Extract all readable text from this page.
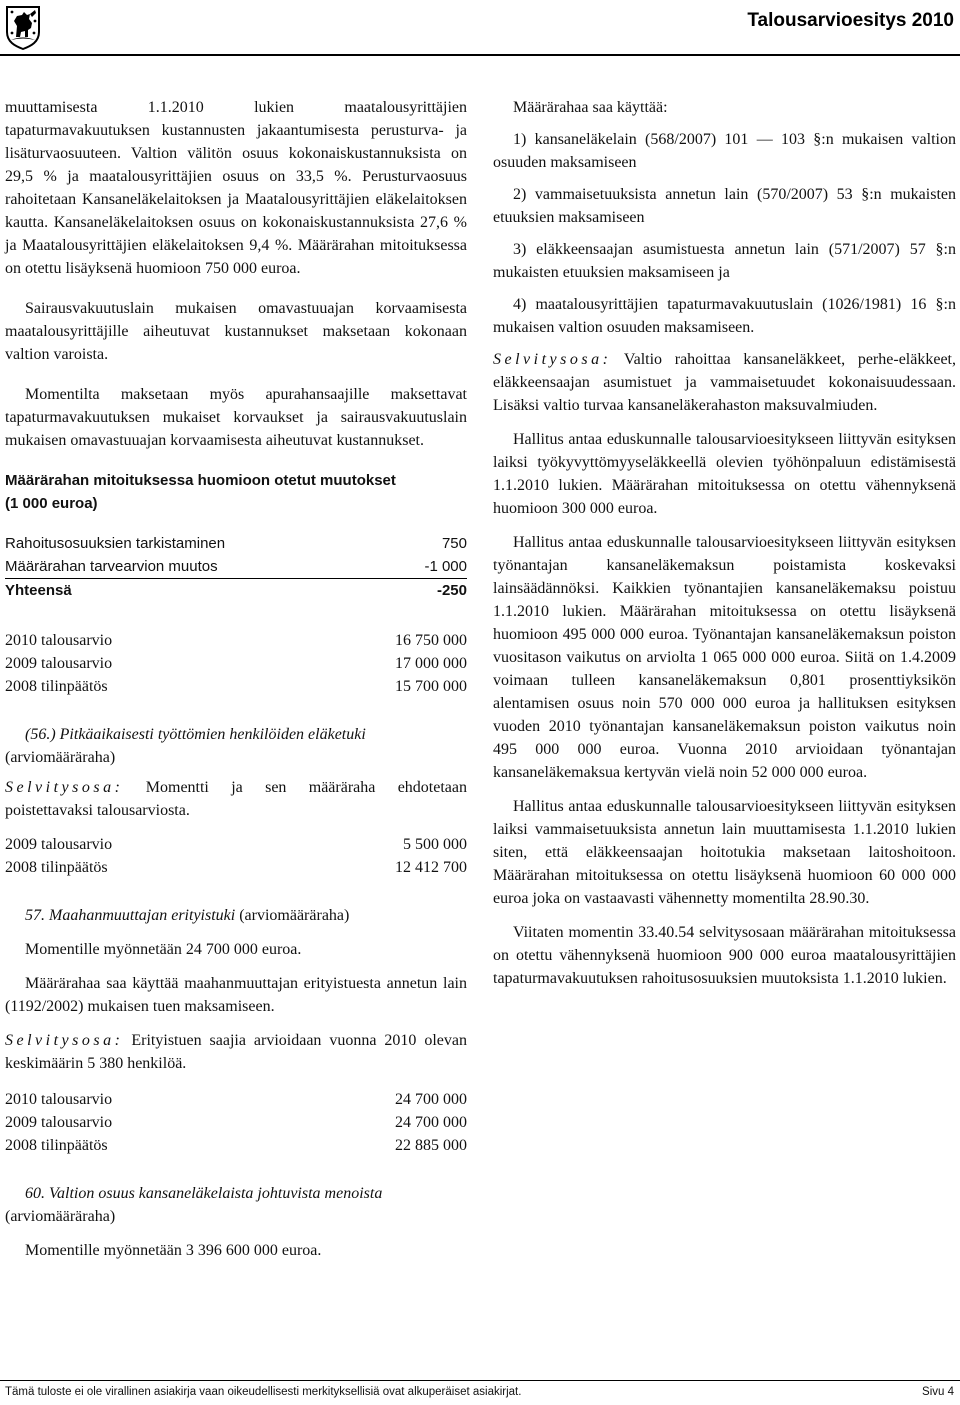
Talousarvioesitys 2010

muuttamisesta 1.1.2010 lukien maatalousyrittäjien tapaturmavakuutuksen kustannusten jakaantumisesta perusturva- ja lisäturvaosuuteen. Valtion välitön osuus kokonaiskustannuksista on 29,5 % ja maatalousyrittäjien osuus on 33,5 %. Perusturvaosuus rahoitetaan Kansaneläkelaitoksen ja Maatalousyrittäjien eläkelaitoksen kautta. Kansaneläkelaitoksen osuus on kokonaiskustannuksista 27,6 % ja Maatalousyrittäjien eläkelaitoksen 9,4 %. Määrärahan mitoituksessa on otettu lisäyksenä huomioon 750 000 euroa.

Sairausvakuutuslain mukaisen omavastuuajan korvaamisesta maatalousyrittäjille aiheutuvat kustannukset maksetaan kokonaan valtion varoista.

Momentilta maksetaan myös apurahansaajille maksettavat tapaturmavakuutuksen mukaiset korvaukset ja sairausvakuutuslain mukaisen omavastuuajan korvaamisesta aiheutuvat kustannukset.

Määrärahan mitoituksessa huomioon otetut muutokset
(1 000 euroa)
Rahoitusosuuksien tarkistaminen	750
Määrärahan tarvearvion muutos	-1 000
Yhteensä	-250
2010 talousarvio	16 750 000
2009 talousarvio	17 000 000
2008 tilinpäätös	15 700 000

(56.) Pitkäaikaisesti työttömien henkilöiden eläketuki
(arviomääräraha)

Selvitysosa: Momentti ja sen määräraha ehdotetaan poistettavaksi talousarviosta.

2009 talousarvio	5 500 000
2008 tilinpäätös	12 412 700

57. Maahanmuuttajan erityistuki (arviomääräraha)

Momentille myönnetään 24 700 000 euroa.

Määrärahaa saa käyttää maahanmuuttajan erityistuesta annetun lain (1192/2002) mukaisen tuen maksamiseen.

Selvitysosa: Erityistuen saajia arvioidaan vuonna 2010 olevan keskimäärin 5 380 henkilöä.

2010 talousarvio	24 700 000
2009 talousarvio	24 700 000
2008 tilinpäätös	22 885 000

60. Valtion osuus kansaneläkelaista johtuvista menoista (arviomääräraha)

Momentille myönnetään 3 396 600 000 euroa.

Määrärahaa saa käyttää:

1) kansaneläkelain (568/2007) 101 — 103 §:n mukaisen valtion osuuden maksamiseen

2) vammaisetuuksista annetun lain (570/2007) 53 §:n mukaisten etuuksien maksamiseen

3) eläkkeensaajan asumistuesta annetun lain (571/2007) 57 §:n mukaisten etuuksien maksamiseen ja

4) maatalousyrittäjien tapaturmavakuutuslain (1026/1981) 16 §:n mukaisen valtion osuuden maksamiseen.

Selvitysosa: Valtio rahoittaa kansaneläkkeet, perhe-eläkkeet, eläkkeensaajan asumistuet ja vammaisetuudet kokonaisuudessaan. Lisäksi valtio turvaa kansaneläkerahaston maksuvalmiuden.

Hallitus antaa eduskunnalle talousarvioesitykseen liittyvän esityksen laiksi työkyvyttömyyseläkkeellä olevien työhönpaluun edistämisestä 1.1.2010 lukien. Määrärahan mitoituksessa on otettu vähennyksenä huomioon 300 000 euroa.

Hallitus antaa eduskunnalle talousarvioesitykseen liittyvän esityksen työnantajan kansaneläkemaksun poistamista koskevaksi lainsäädännöksi. Kaikkien työnantajien kansaneläkemaksu poistuu 1.1.2010 lukien. Määrärahan mitoituksessa on otettu lisäyksenä huomioon 495 000 000 euroa. Työnantajan kansaneläkemaksun poiston vuositason vaikutus on arviolta 1 065 000 000 euroa. Siitä on 1.4.2009 voimaan tulleen kansaneläkemaksun 0,801 prosenttiyksikön alentamisen osuus noin 570 000 000 euroa ja hallituksen esityksen vuoden 2010 työnantajan kansaneläkemaksun poiston vaikutus noin 495 000 000 euroa. Vuonna 2010 arvioidaan työnantajan kansaneläkemaksua kertyvän vielä noin 52 000 000 euroa.

Hallitus antaa eduskunnalle talousarvioesitykseen liittyvän esityksen laiksi vammaisetuuksista annetun lain muuttamisesta 1.1.2010 lukien siten, että eläkkeensaajan hoitotukia maksetaan laitoshoitoon. Määrärahan mitoituksessa on otettu lisäyksenä huomioon 60 000 000 euroa joka on vastaavasti vähennetty momentilta 28.90.30.

Viitaten momentin 33.40.54 selvitysosaan määrärahan mitoituksessa on otettu vähennyksenä huomioon 900 000 euroa maatalousyrittäjien tapaturmavakuutuksen rahoitusosuuksien muutoksista 1.1.2010 lukien.

Tämä tuloste ei ole virallinen asiakirja vaan oikeudellisesti merkityksellisiä ovat alkuperäiset asiakirjat.	Sivu 4
